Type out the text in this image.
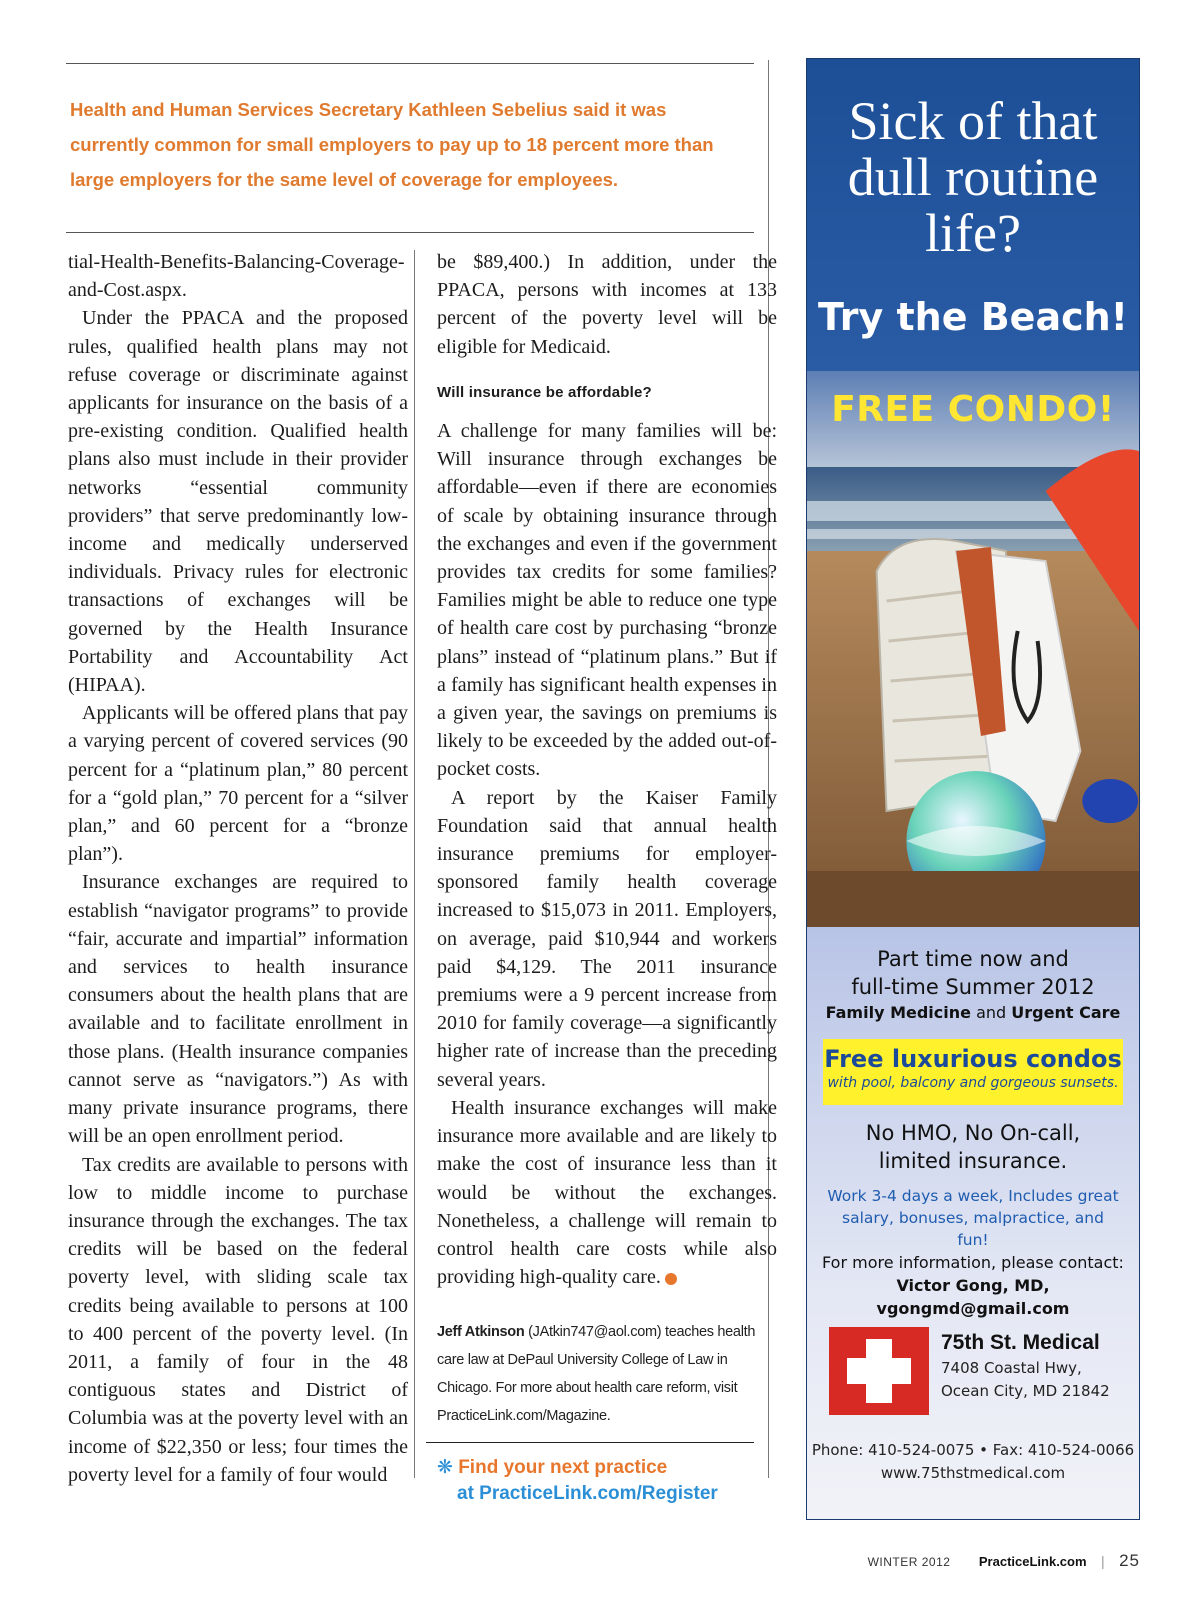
Health and Human Services Secretary Kathleen Sebelius said it was currently common for small employers to pay up to 18 percent more than large employers for the same level of coverage for employees.

tial-Health-Benefits-Balancing-Coverage-and-Cost.aspx.

Under the PPACA and the proposed rules, qualified health plans may not refuse coverage or discriminate against applicants for insurance on the basis of a pre-existing condition. Qualified health plans also must include in their provider networks “essential community providers” that serve predominantly low-income and medically underserved individuals. Privacy rules for electronic transactions of exchanges will be governed by the Health Insurance Portability and Accountability Act (HIPAA).

Applicants will be offered plans that pay a varying percent of covered services (90 percent for a “platinum plan,” 80 percent for a “gold plan,” 70 percent for a “silver plan,” and 60 percent for a “bronze plan”).

Insurance exchanges are required to establish “navigator programs” to provide “fair, accurate and impartial” information and services to health insurance consumers about the health plans that are available and to facilitate enrollment in those plans. (Health insurance companies cannot serve as “navigators.”) As with many private insurance programs, there will be an open enrollment period.

Tax credits are available to persons with low to middle income to purchase insurance through the exchanges. The tax credits will be based on the federal poverty level, with sliding scale tax credits being available to persons at 100 to 400 percent of the poverty level. (In 2011, a family of four in the 48 contiguous states and District of Columbia was at the poverty level with an income of $22,350 or less; four times the poverty level for a family of four would

be $89,400.) In addition, under the PPACA, persons with incomes at 133 percent of the poverty level will be eligible for Medicaid.

Will insurance be affordable?

A challenge for many families will be: Will insurance through exchanges be affordable—even if there are economies of scale by obtaining insurance through the exchanges and even if the government provides tax credits for some families? Families might be able to reduce one type of health care cost by purchasing “bronze plans” instead of “platinum plans.” But if a family has significant health expenses in a given year, the savings on premiums is likely to be exceeded by the added out-of-pocket costs.

A report by the Kaiser Family Foundation said that annual health insurance premiums for employer-sponsored family health coverage increased to $15,073 in 2011. Employers, on average, paid $10,944 and workers paid $4,129. The 2011 insurance premiums were a 9 percent increase from 2010 for family coverage—a significantly higher rate of increase than the preceding several years.

Health insurance exchanges will make insurance more available and are likely to make the cost of insurance less than it would be without the exchanges. Nonetheless, a challenge will remain to control health care costs while also providing high-quality care.

Jeff Atkinson (JAtkin747@aol.com) teaches health care law at DePaul University College of Law in Chicago. For more about health care reform, visit PracticeLink.com/Magazine.

❋ Find your next practice
at PracticeLink.com/Register
Sick of that
dull routine
life?
Try the Beach!
FREE CONDO!
Part time now and
full-time Summer 2012
Family Medicine and Urgent Care
Free luxurious condos
with pool, balcony and gorgeous sunsets.
No HMO, No On-call,
limited insurance.
Work 3-4 days a week, Includes great salary, bonuses, malpractice, and fun!
For more information, please contact:
Victor Gong, MD,
vgongmd@gmail.com
75th St. Medical
7408 Coastal Hwy,
Ocean City, MD 21842
Phone: 410-524-0075 • Fax: 410-524-0066
www.75thstmedical.com
WINTER 2012 PracticeLink.com | 25
